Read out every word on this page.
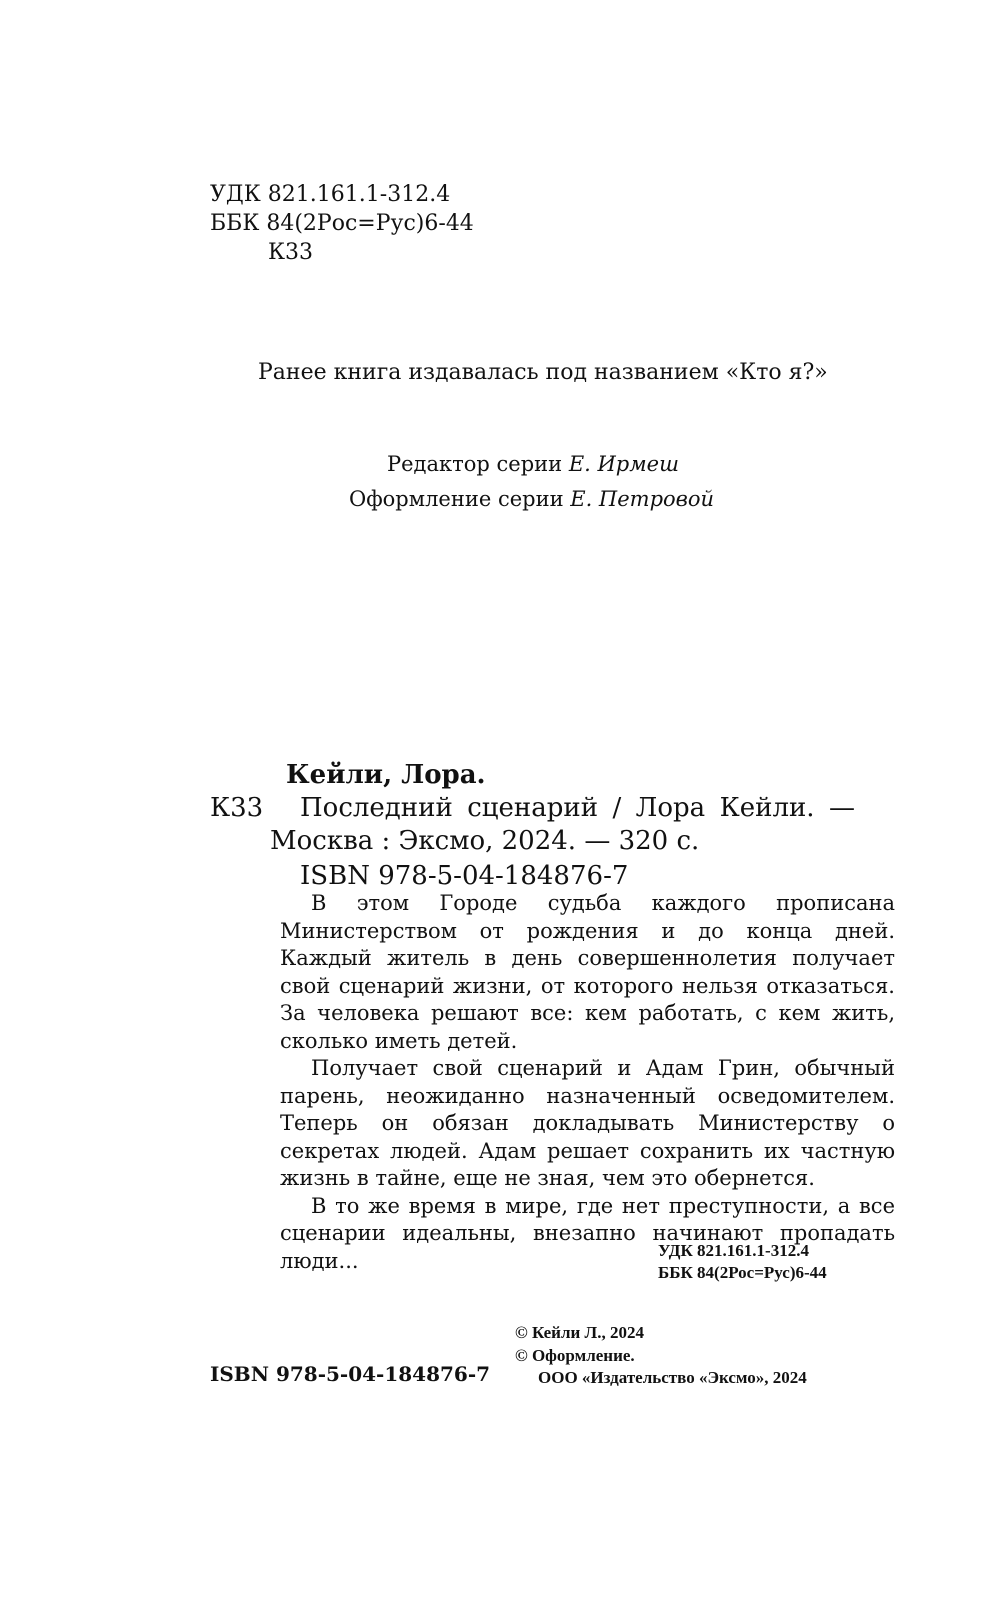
УДК 821.161.1-312.4
ББК 84(2Рос=Рус)6-44
К33
Ранее книга издавалась под названием «Кто я?»
Редактор серии Е. Ирмеш
Оформление серии Е. Петровой
Кейли, Лора.
К33 Последний сценарий / Лора Кейли. —
Москва : Эксмо, 2024. — 320 с.
ISBN 978-5-04-184876-7

В этом Городе судьба каждого прописана Министерством от рождения и до конца дней. Каждый житель в день совершеннолетия получает свой сценарий жизни, от которого нельзя отказаться. За человека решают все: кем работать, с кем жить, сколько иметь детей.

Получает свой сценарий и Адам Грин, обычный парень, неожиданно назначенный осведомителем. Теперь он обязан докладывать Министерству о секретах людей. Адам решает сохранить их частную жизнь в тайне, еще не зная, чем это обернется.

В то же время в мире, где нет преступности, а все сценарии идеальны, внезапно начинают пропадать люди...	УДК 821.161.1-312.4
ББК 84(2Рос=Рус)6-44
© Кейли Л., 2024
© Оформление.
ООО «Издательство «Эксмо», 2024
ISBN 978-5-04-184876-7
